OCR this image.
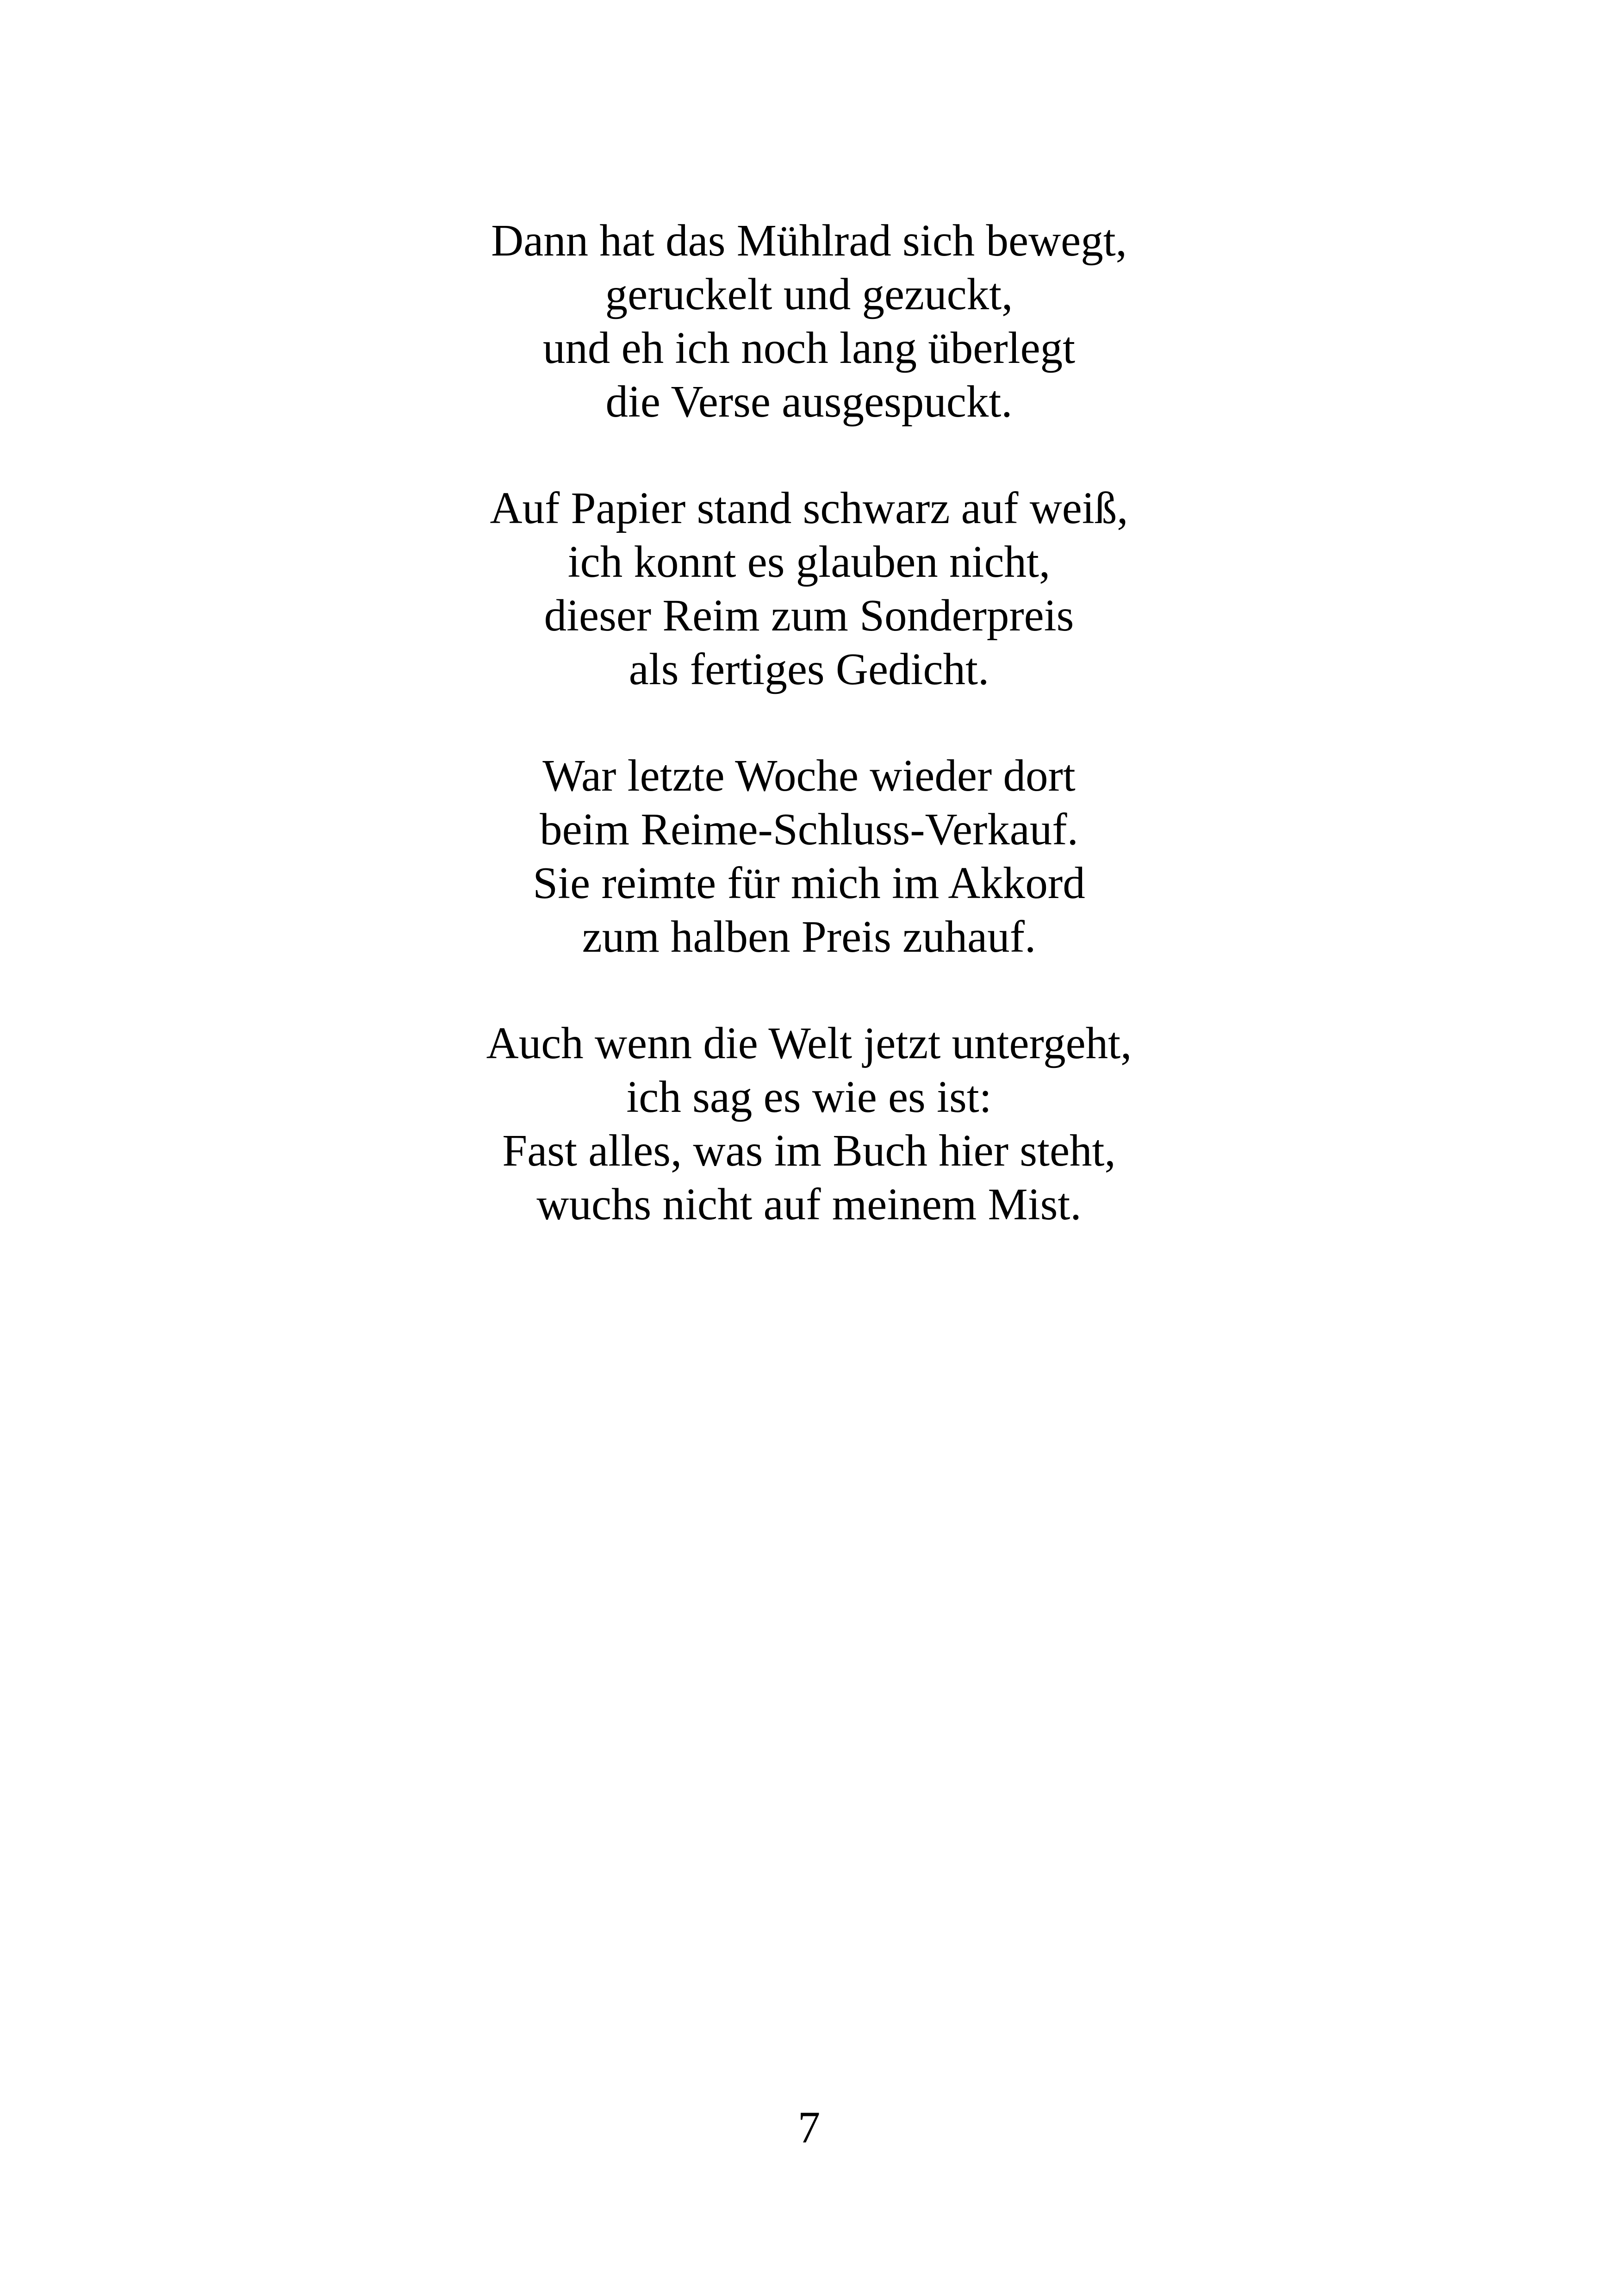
Dann hat das Mühlrad sich bewegt,
geruckelt und gezuckt,
und eh ich noch lang überlegt
die Verse ausgespuckt.
Auf Papier stand schwarz auf weiß,
ich konnt es glauben nicht,
dieser Reim zum Sonderpreis
als fertiges Gedicht.
War letzte Woche wieder dort
beim Reime-Schluss-Verkauf.
Sie reimte für mich im Akkord
zum halben Preis zuhauf.
Auch wenn die Welt jetzt untergeht,
ich sag es wie es ist:
Fast alles, was im Buch hier steht,
wuchs nicht auf meinem Mist.
7
